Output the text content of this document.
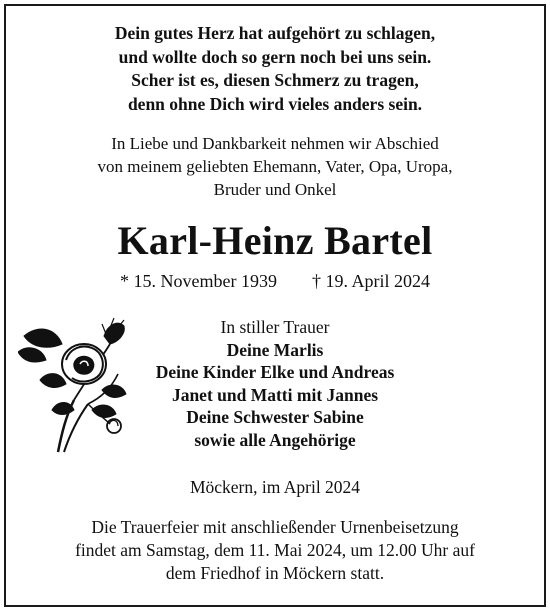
Dein gutes Herz hat aufgehört zu schlagen,
und wollte doch so gern noch bei uns sein.
Scher ist es, diesen Schmerz zu tragen,
denn ohne Dich wird vieles anders sein.
In Liebe und Dankbarkeit nehmen wir Abschied
von meinem geliebten Ehemann, Vater, Opa, Uropa,
Bruder und Onkel
Karl-Heinz Bartel
* 15. November 1939 † 19. April 2024
In stiller Trauer
Deine Marlis
Deine Kinder Elke und Andreas
Janet und Matti mit Jannes
Deine Schwester Sabine
sowie alle Angehörige
Möckern, im April 2024
Die Trauerfeier mit anschließender Urnenbeisetzung
findet am Samstag, dem 11. Mai 2024, um 12.00 Uhr auf
dem Friedhof in Möckern statt.
